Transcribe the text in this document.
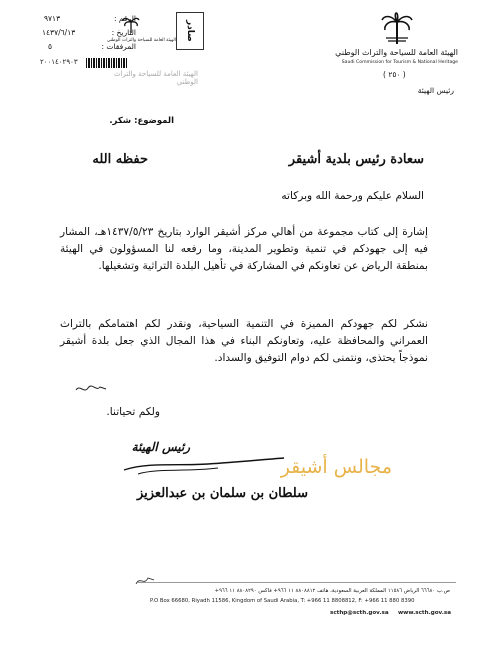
الهيئة العامة للسياحة والتراث الوطني
Saudi Commission for Tourism & National Heritage
( ٢٥٠ )
رئيس الهيئة
الرقم :
٩٧١٣
التاريخ :
١٤٣٧/٦/١٣
المرفقات :
٥
٢٠٠١٤٠٢٩٠٣
الهيئة العامة للسياحة والتراث الوطني صادر
الهيئة العامة للسياحة والتراث الوطني
الموضوع: شكر.
سعادة رئيس بلدية أشيقر
حفظه الله
السلام عليكم ورحمة الله وبركاته
إشارة إلى كتاب مجموعة من أهالي مركز أشيقر الوارد بتاريخ ١٤٣٧/٥/٢٣هـ، المشار فيه إلى جهودكم في تنمية وتطوير المدينة، وما رفعه لنا المسؤولون في الهيئة بمنطقة الرياض عن تعاونكم في المشاركة في تأهيل البلدة التراثية وتشغيلها.
نشكر لكم جهودكم المميزة في التنمية السياحية، ونقدر لكم اهتمامكم بالتراث العمراني والمحافظة عليه، وتعاونكم البناء في هذا المجال الذي جعل بلدة أشيقر نموذجاً يحتذى، ونتمنى لكم دوام التوفيق والسداد.
ولكم تحياتنا.
رئيس الهيئة
سلطان بن سلمان بن عبدالعزيز
مجالس أشيقر
ص.ب ٦٦٦٨٠ الرياض ١١٥٨٦ المملكة العربية السعودية، هاتف ٨٨٠٨٨١٢ ١١ ٩٦٦+ فاكس ٨٨٠٨٢٩٠ ١١ ٩٦٦+
P.O Box 66680, Riyadh 11586, Kingdom of Saudi Arabia, T: +966 11 8808812, F: +966 11 880 8390
scthp@scth.gov.sa www.scth.gov.sa
